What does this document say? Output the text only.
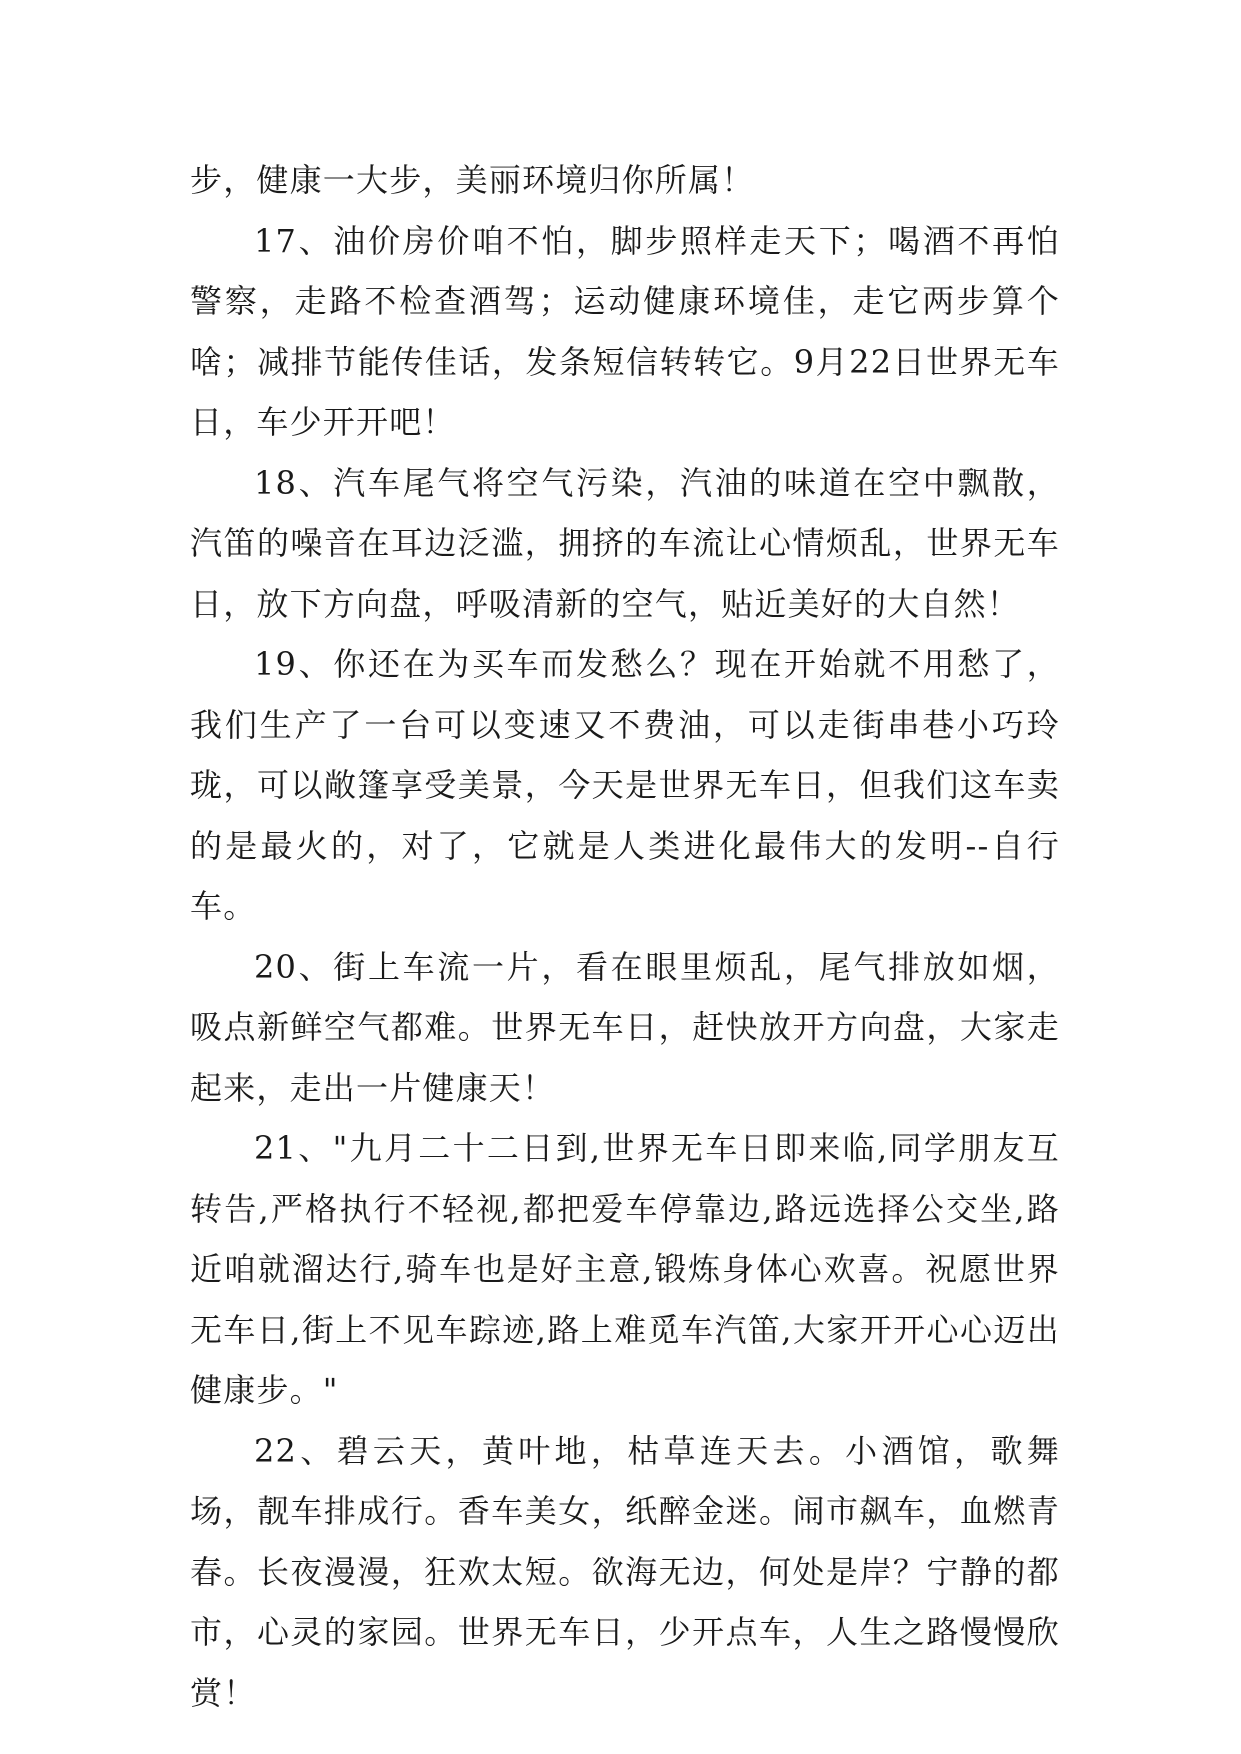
步，健康一大步，美丽环境归你所属！

17、油价房价咱不怕，脚步照样走天下；喝酒不再怕警察，走路不检查酒驾；运动健康环境佳，走它两步算个啥；减排节能传佳话，发条短信转转它。9月22日世界无车日，车少开开吧！

18、汽车尾气将空气污染，汽油的味道在空中飘散，汽笛的噪音在耳边泛滥，拥挤的车流让心情烦乱，世界无车日，放下方向盘，呼吸清新的空气，贴近美好的大自然！

19、你还在为买车而发愁么？现在开始就不用愁了，我们生产了一台可以变速又不费油，可以走街串巷小巧玲珑，可以敞篷享受美景，今天是世界无车日，但我们这车卖的是最火的，对了，它就是人类进化最伟大的发明--自行车。

20、街上车流一片，看在眼里烦乱，尾气排放如烟，吸点新鲜空气都难。世界无车日，赶快放开方向盘，大家走起来，走出一片健康天！

21、"九月二十二日到,世界无车日即来临,同学朋友互转告,严格执行不轻视,都把爱车停靠边,路远选择公交坐,路近咱就溜达行,骑车也是好主意,锻炼身体心欢喜。祝愿世界无车日,街上不见车踪迹,路上难觅车汽笛,大家开开心心迈出健康步。"

22、碧云天，黄叶地，枯草连天去。小酒馆，歌舞场，靓车排成行。香车美女，纸醉金迷。闹市飙车，血燃青春。长夜漫漫，狂欢太短。欲海无边，何处是岸？宁静的都市，心灵的家园。世界无车日，少开点车，人生之路慢慢欣赏！
